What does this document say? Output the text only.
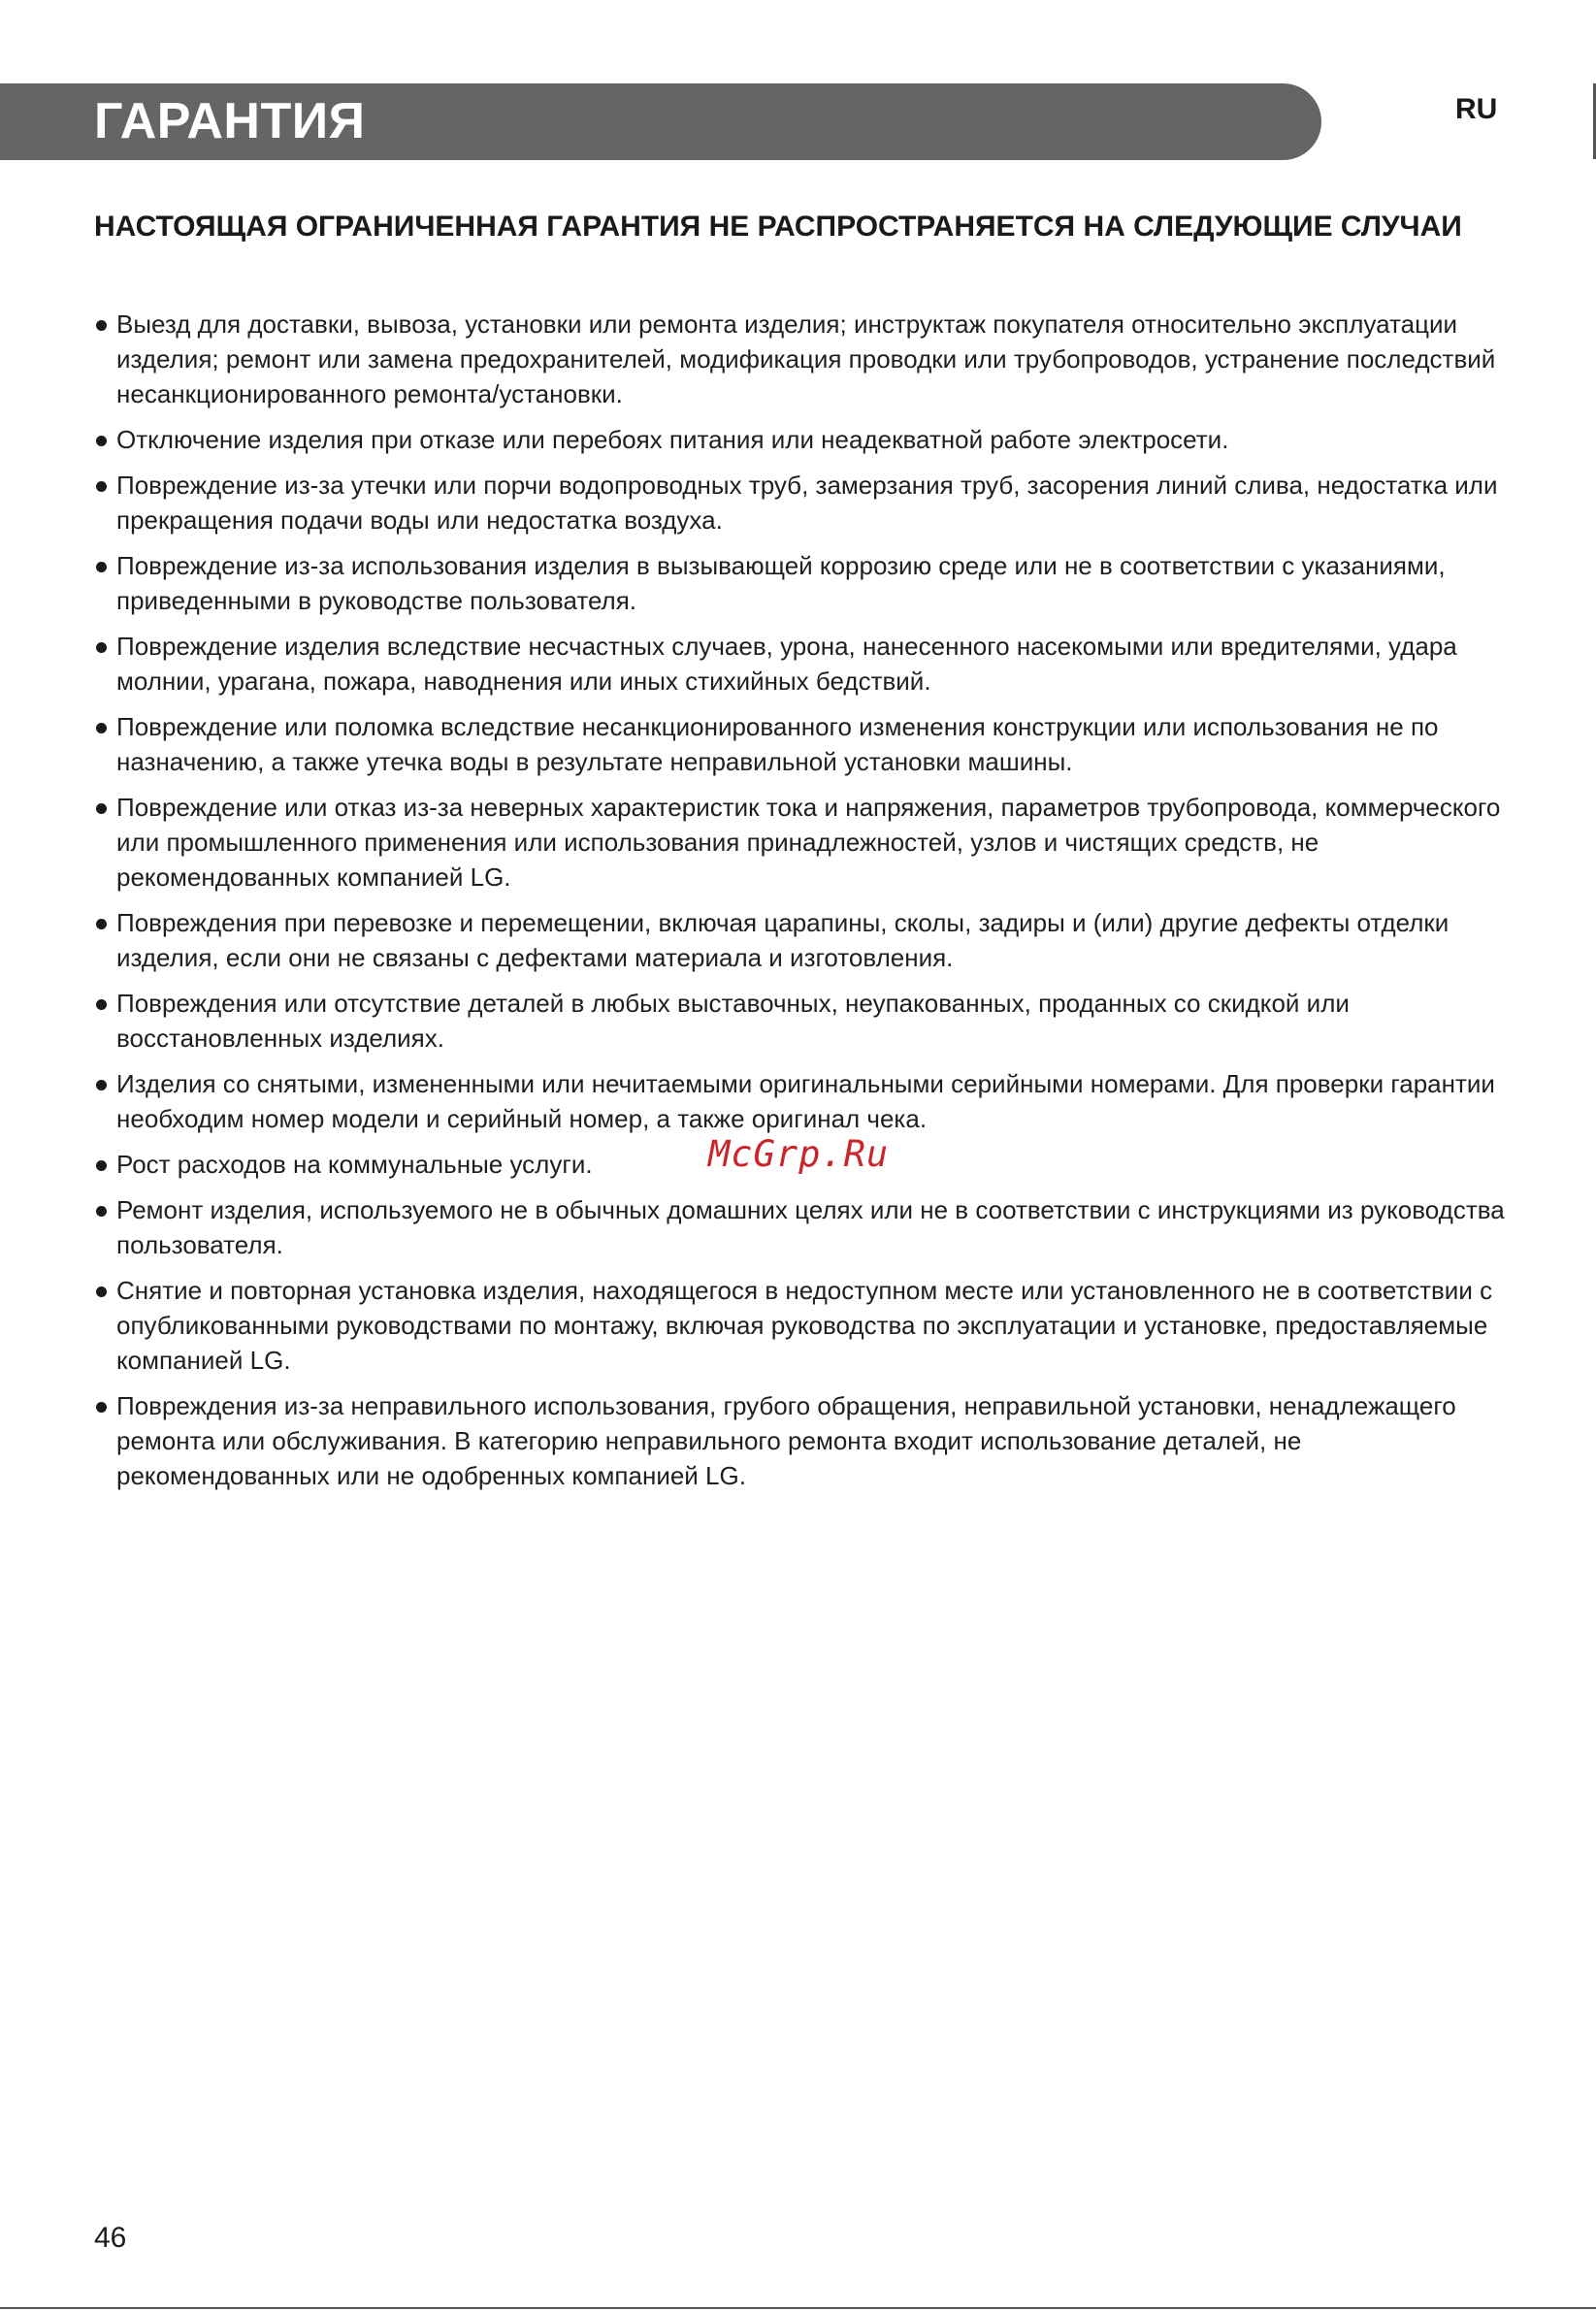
ГАРАНТИЯ	RU
НАСТОЯЩАЯ ОГРАНИЧЕННАЯ ГАРАНТИЯ НЕ РАСПРОСТРАНЯЕТСЯ НА СЛЕДУЮЩИЕ СЛУЧАИ
Выезд для доставки, вывоза, установки или ремонта изделия; инструктаж покупателя относительно эксплуатации изделия; ремонт или замена предохранителей, модификация проводки или трубопроводов, устранение последствий несанкционированного ремонта/установки.
Отключение изделия при отказе или перебоях питания или неадекватной работе электросети.
Повреждение из-за утечки или порчи водопроводных труб, замерзания труб, засорения линий слива, недостатка или прекращения подачи воды или недостатка воздуха.
Повреждение из-за использования изделия в вызывающей коррозию среде или не в соответствии с указаниями, приведенными в руководстве пользователя.
Повреждение изделия вследствие несчастных случаев, урона, нанесенного насекомыми или вредителями, удара молнии, урагана, пожара, наводнения или иных стихийных бедствий.
Повреждение или поломка вследствие несанкционированного изменения конструкции или использования не по назначению, а также утечка воды в результате неправильной установки машины.
Повреждение или отказ из-за неверных характеристик тока и напряжения, параметров трубопровода, коммерческого или промышленного применения или использования принадлежностей, узлов и чистящих средств, не рекомендованных компанией LG.
Повреждения при перевозке и перемещении, включая царапины, сколы, задиры и (или) другие дефекты отделки изделия, если они не связаны с дефектами материала и изготовления.
Повреждения или отсутствие деталей в любых выставочных, неупакованных, проданных со скидкой или восстановленных изделиях.
Изделия со снятыми, измененными или нечитаемыми оригинальными серийными номерами. Для проверки гарантии необходим номер модели и серийный номер, а также оригинал чека.
Рост расходов на коммунальные услуги.
Ремонт изделия, используемого не в обычных домашних целях или не в соответствии с инструкциями из руководства пользователя.
Снятие и повторная установка изделия, находящегося в недоступном месте или установленного не в соответствии с опубликованными руководствами по монтажу, включая руководства по эксплуатации и установке, предоставляемые компанией LG.
Повреждения из-за неправильного использования, грубого обращения, неправильной установки, ненадлежащего ремонта или обслуживания. В категорию неправильного ремонта входит использование деталей, не рекомендованных или не одобренных компанией LG.
McGrp.Ru
46
